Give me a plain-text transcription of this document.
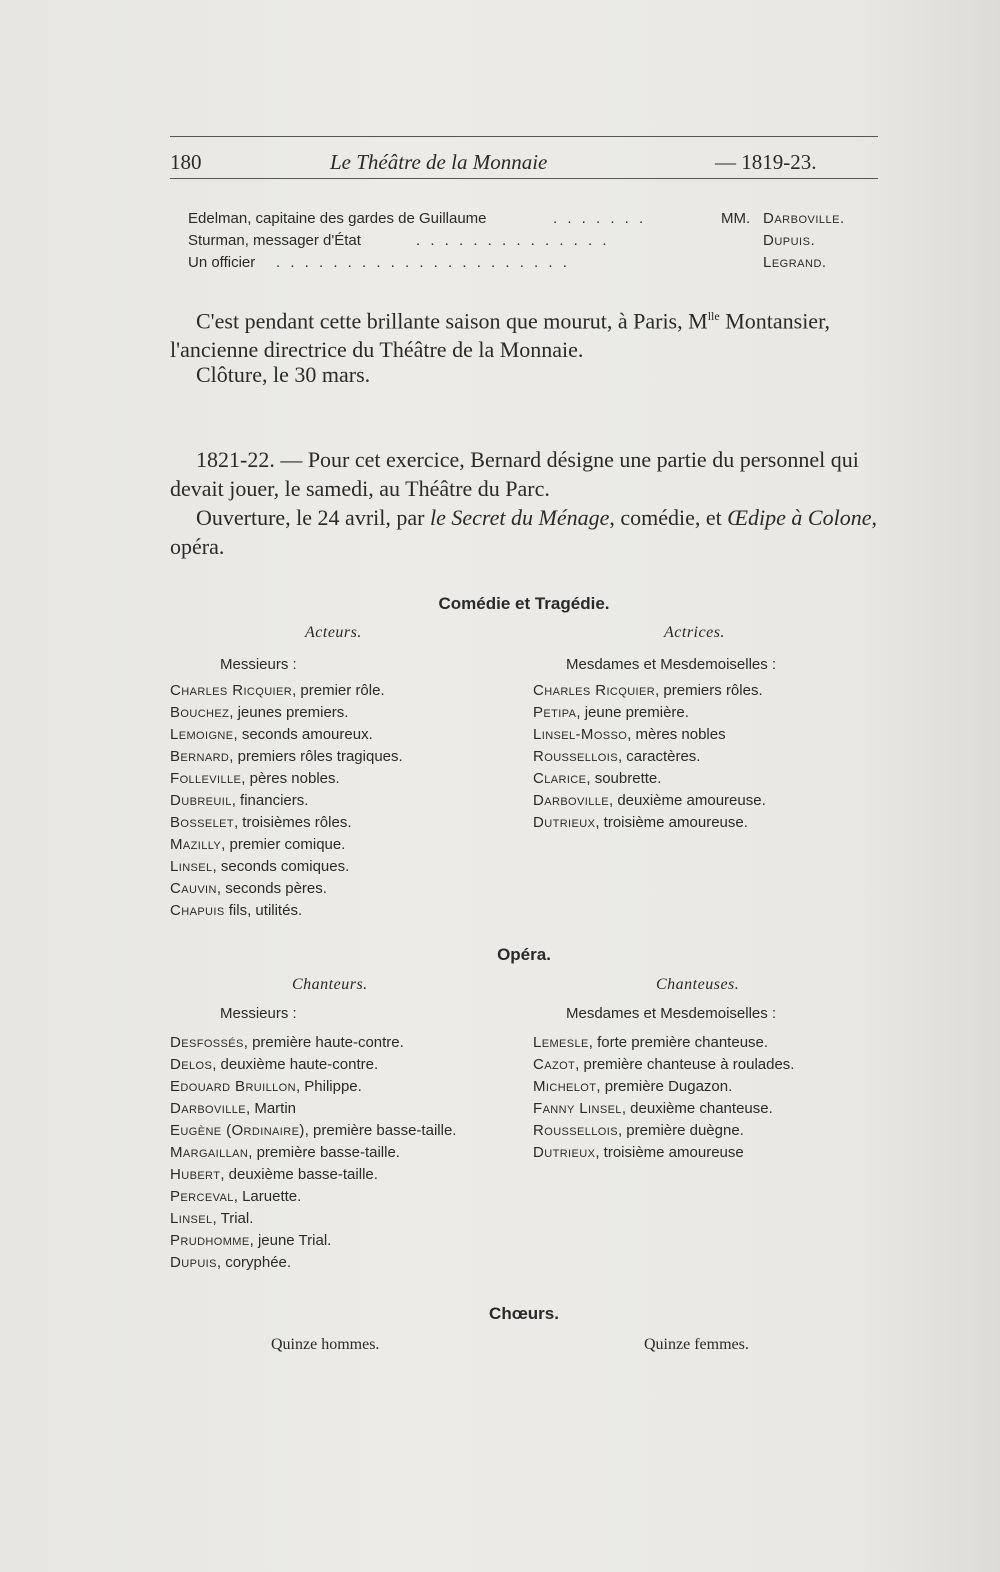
180	Le Théâtre de la Monnaie	— 1819-23.
Edelman, capitaine des gardes de Guillaume	. . . . . . .	MM. Darboville.
Sturman, messager d'État	. . . . . . . . . . . . . .	Dupuis.
Un officier . . . . . . . . . . . . . . . . . . . . .	Legrand.
C'est pendant cette brillante saison que mourut, à Paris, $M^{lle}$ Montansier, l'ancienne directrice du Théâtre de la Monnaie.
Clôture, le 30 mars.
1821-22. — Pour cet exercice, Bernard désigne une partie du personnel qui devait jouer, le samedi, au Théâtre du Parc.
Ouverture, le 24 avril, par le Secret du Ménage, comédie, et Œdipe à Colone, opéra.
Comédie et Tragédie.
Acteurs.	Actrices.
Messieurs :	Mesdames et Mesdemoiselles :
Charles Ricquier, premier rôle.
Bouchez, jeunes premiers.
Lemoigne, seconds amoureux.
Bernard, premiers rôles tragiques.
Folleville, pères nobles.
Dubreuil, financiers.
Bosselet, troisièmes rôles.
Mazilly, premier comique.
Linsel, seconds comiques.
Cauvin, seconds pères.
Chapuis fils, utilités.
Charles Ricquier, premiers rôles.
Petipa, jeune première.
Linsel-Mosso, mères nobles
Roussellois, caractères.
Clarice, soubrette.
Darboville, deuxième amoureuse.
Dutrieux, troisième amoureuse.
Opéra.
Chanteurs.	Chanteuses.
Messieurs :	Mesdames et Mesdemoiselles :
Desfossés, première haute-contre.
Delos, deuxième haute-contre.
Edouard Bruillon, Philippe.
Darboville, Martin
Eugène (Ordinaire), première basse-taille.
Margaillan, première basse-taille.
Hubert, deuxième basse-taille.
Perceval, Laruette.
Linsel, Trial.
Prudhomme, jeune Trial.
Dupuis, coryphée.
Lemesle, forte première chanteuse.
Cazot, première chanteuse à roulades.
Michelot, première Dugazon.
Fanny Linsel, deuxième chanteuse.
Roussellois, première duègne.
Dutrieux, troisième amoureuse
Chœurs.
Quinze hommes.	Quinze femmes.
